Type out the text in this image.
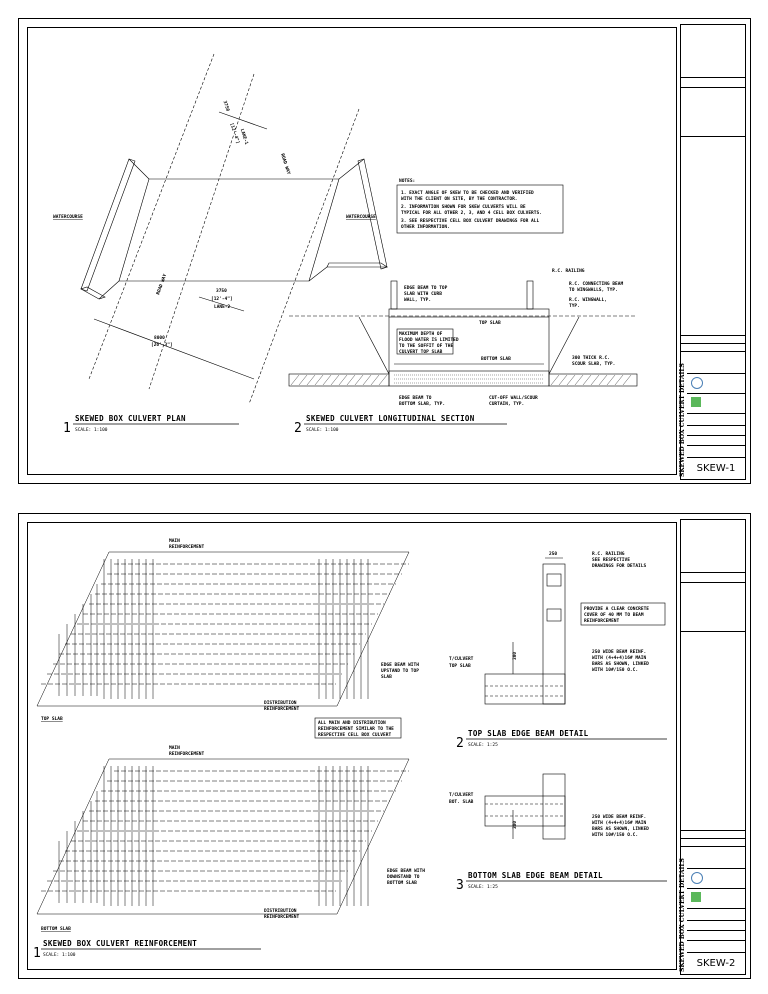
SKEW-1
SKEWED BOX CULVERT DETAILS
3750
[12'-4"]
LANE-1
ROAD WAY
ROAD WAY	3750
[12'-4"]
LANE-2
8000
[26'-3"]
WATERCOURSE	WATERCOURSE
1
SKEWED BOX CULVERT PLAN
SCALE: 1:100
NOTES:
1. EXACT ANGLE OF SKEW TO BE CHECKED AND VERIFIED
WITH THE CLIENT ON SITE, BY THE CONTRACTOR.
2. INFORMATION SHOWN FOR SKEW CULVERTS WILL BE
TYPICAL FOR ALL OTHER 2, 3, AND 4 CELL BOX CULVERTS.
3. SEE RESPECTIVE CELL BOX CULVERT DRAWINGS FOR ALL
OTHER INFORMATION.
EDGE BEAM TO TOP
SLAB WITH CURB
WALL, TYP.
R.C. RAILING
R.C. CONNECTING BEAM
TO WINGWALLS, TYP.
R.C. WINGWALL,
TYP.
TOP SLAB
MAXIMUM DEPTH OF
FLOOD WATER IS LIMITED
TO THE SOFFIT OF THE
CULVERT TOP SLAB
BOTTOM SLAB	300 THICK R.C.
SCOUR SLAB, TYP.
EDGE BEAM TO
BOTTOM SLAB, TYP.
CUT-OFF WALL/SCOUR
CURTAIN, TYP.
2
SKEWED CULVERT LONGITUDINAL SECTION
SCALE: 1:100
SKEW-2
SKEWED BOX CULVERT DETAILS
MAIN
REINFORCEMENT
DISTRIBUTION
REINFORCEMENT
EDGE BEAM WITH
UPSTAND TO TOP
SLAB
TOP SLAB
ALL MAIN AND DISTRIBUTION
REINFORCEMENT SIMILAR TO THE
RESPECTIVE CELL BOX CULVERT
MAIN
REINFORCEMENT
DISTRIBUTION
REINFORCEMENT
EDGE BEAM WITH
DOWNSTAND TO
BOTTOM SLAB
BOTTOM SLAB
1
SKEWED BOX CULVERT REINFORCEMENT
SCALE: 1:100
250
300
R.C. RAILING
SEE RESPECTIVE
DRAWINGS FOR DETAILS
PROVIDE A CLEAR CONCRETE
COVER OF 40 MM TO BEAM
REINFORCEMENT
T/CULVERT
TOP SLAB
250 WIDE BEAM REINF.
WITH (4+4+4)16# MAIN
BARS AS SHOWN, LINKED
WITH 10#/150 O.C.
2
TOP SLAB EDGE BEAM DETAIL
SCALE: 1:25
300
T/CULVERT
BOT. SLAB
250 WIDE BEAM REINF.
WITH (4+4+4)16# MAIN
BARS AS SHOWN, LINKED
WITH 10#/150 O.C.
3
BOTTOM SLAB EDGE BEAM DETAIL
SCALE: 1:25
